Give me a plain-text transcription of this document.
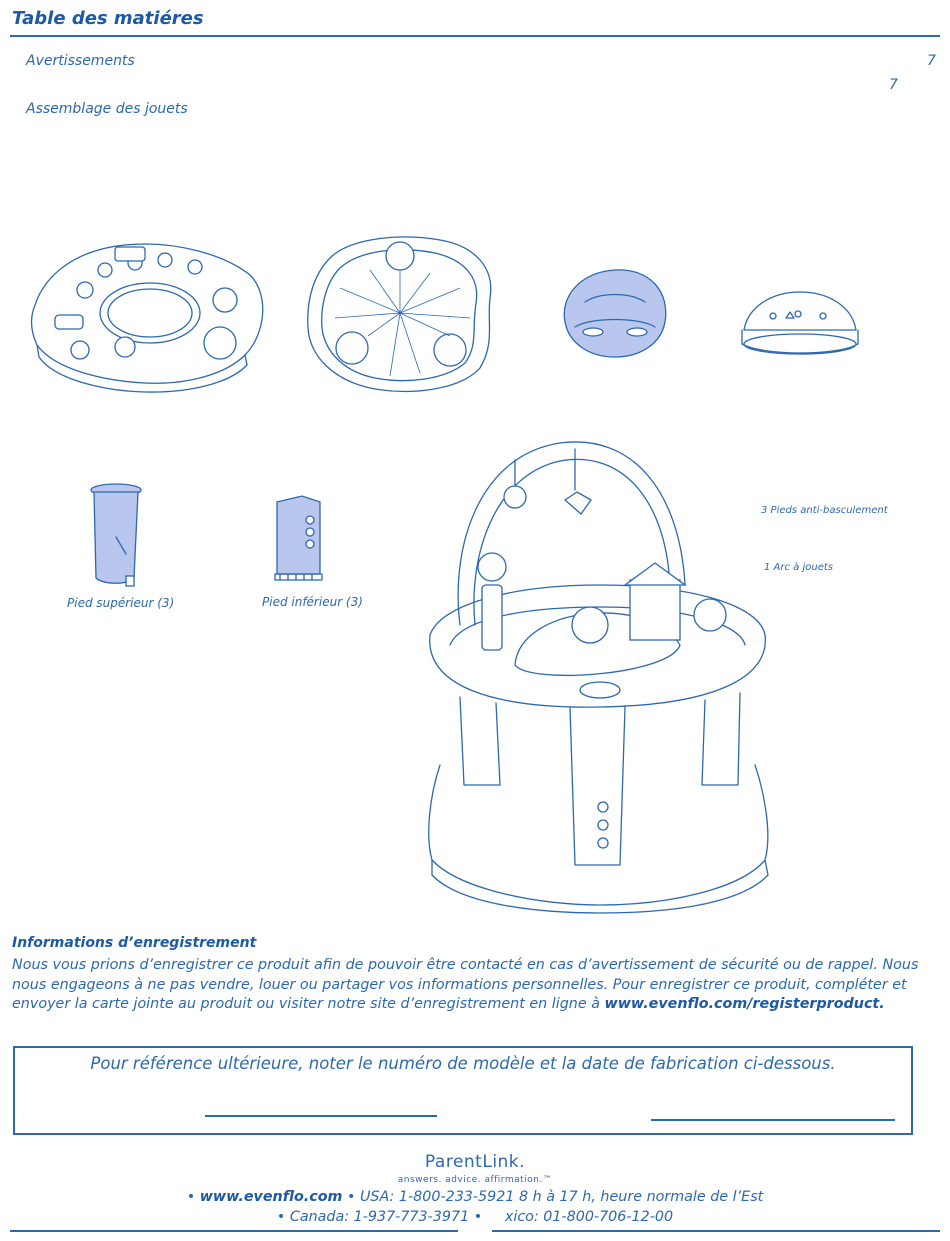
Table des matiéres
Avertissements	7
7
Assemblage des jouets
Pied supérieur (3)	Pied inférieur (3)
3 Pieds anti-basculement
1 Arc à jouets
Informations d’enregistrement
Nous vous prions d’enregistrer ce produit afin de pouvoir être contacté en cas d’avertissement de sécurité ou de rappel. Nous nous engageons à ne pas vendre, louer ou partager vos informations personnelles. Pour enregistrer ce produit, compléter et envoyer la carte jointe au produit ou visiter notre site d’enregistrement en ligne à www.evenflo.com/registerproduct.
Pour référence ultérieure, noter le numéro de modèle et la date de fabrication ci-dessous.
ParentLink.
answers. advice. affirmation.™
• www.evenflo.com • USA: 1-800-233-5921 8 h à 17 h, heure normale de l’Est
• Canada: 1-937-773-3971 • xico: 01-800-706-12-00
